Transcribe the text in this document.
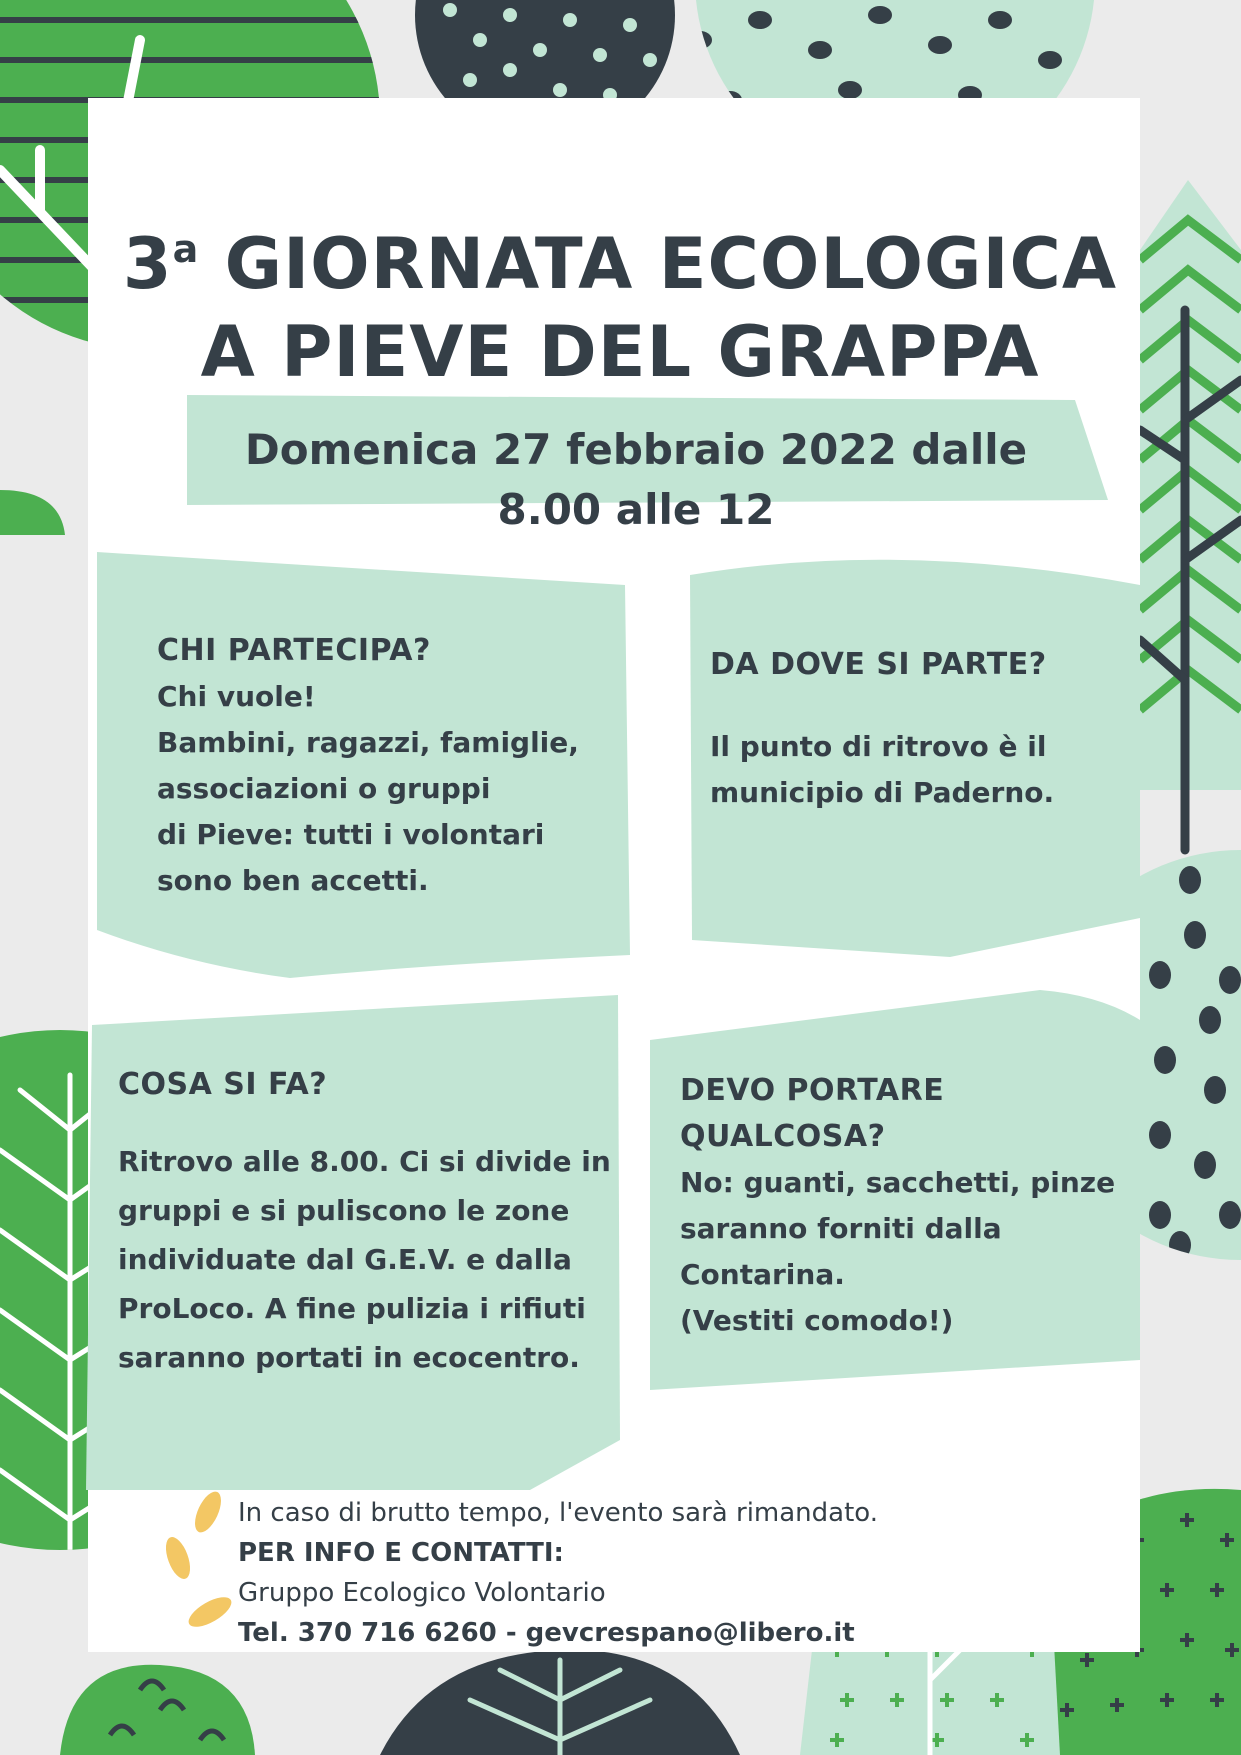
3$^a$ GIORNATA ECOLOGICA
A PIEVE DEL GRAPPA
Domenica 27 febbraio 2022 dalle 8.00 alle 12

CHI PARTECIPA?

Chi vuole!

Bambini, ragazzi, famiglie,

associazioni o gruppi

di Pieve: tutti i volontari

sono ben accetti.

DA DOVE SI PARTE?

Il punto di ritrovo è il

municipio di Paderno.

COSA SI FA?

Ritrovo alle 8.00. Ci si divide in

gruppi e si puliscono le zone

individuate dal G.E.V. e dalla

ProLoco. A fine pulizia i rifiuti

saranno portati in ecocentro.

DEVO PORTARE

QUALCOSA?

No: guanti, sacchetti, pinze

saranno forniti dalla

Contarina.

(Vestiti comodo!)

In caso di brutto tempo, l'evento sarà rimandato.
PER INFO E CONTATTI:
Gruppo Ecologico Volontario
Tel. 370 716 6260 - gevcrespano@libero.it
